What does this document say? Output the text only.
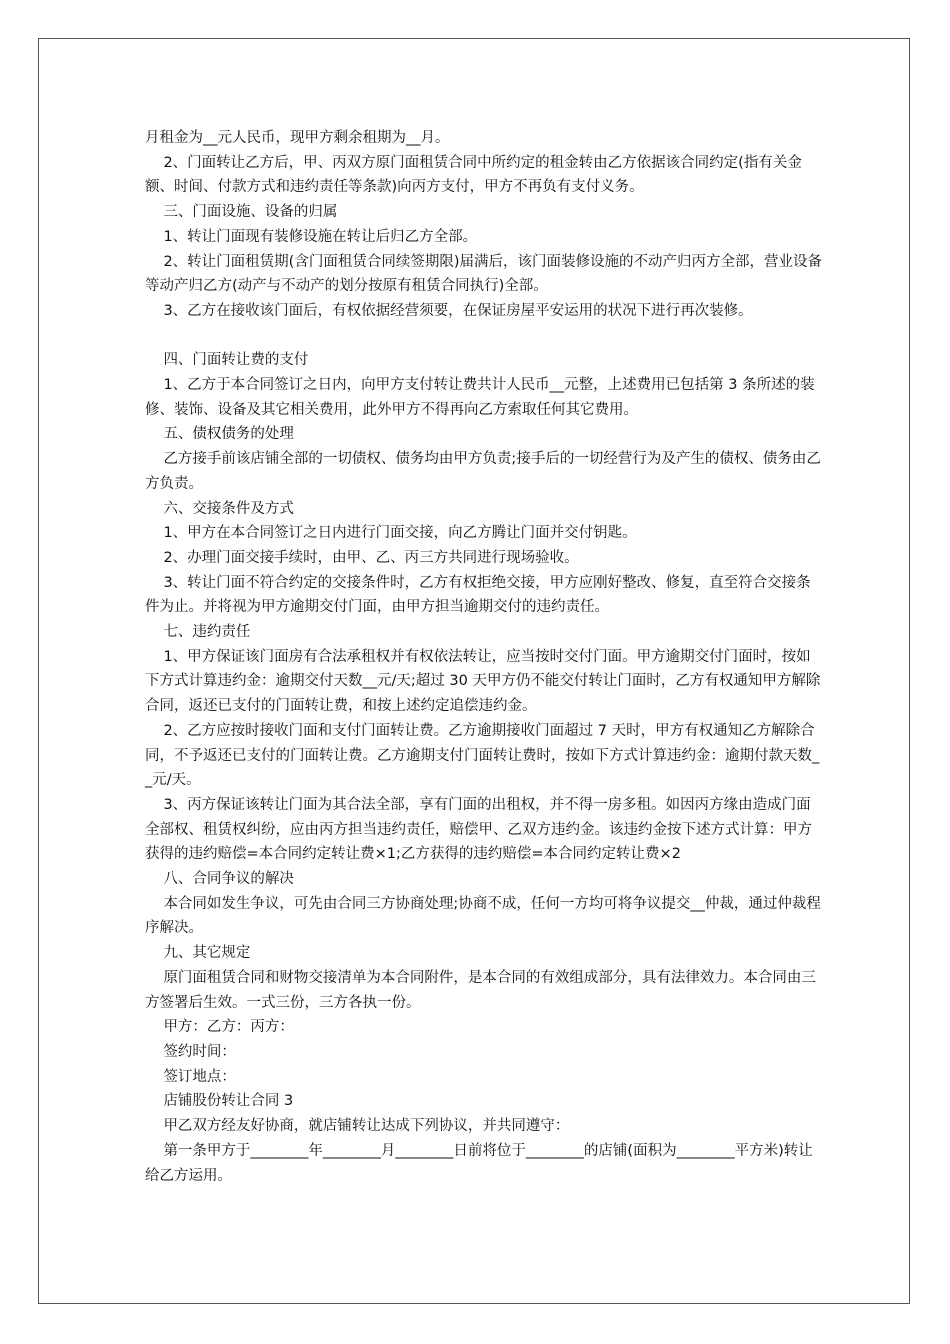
月租金为__元人民币，现甲方剩余租期为__月。

2、门面转让乙方后，甲、丙双方原门面租赁合同中所约定的租金转由乙方依据该合同约定(指有关金额、时间、付款方式和违约责任等条款)向丙方支付，甲方不再负有支付义务。

三、门面设施、设备的归属

1、转让门面现有装修设施在转让后归乙方全部。

2、转让门面租赁期(含门面租赁合同续签期限)届满后，该门面装修设施的不动产归丙方全部，营业设备等动产归乙方(动产与不动产的划分按原有租赁合同执行)全部。

3、乙方在接收该门面后，有权依据经营须要，在保证房屋平安运用的状况下进行再次装修。

四、门面转让费的支付

1、乙方于本合同签订之日内，向甲方支付转让费共计人民币__元整，上述费用已包括第 3 条所述的装修、装饰、设备及其它相关费用，此外甲方不得再向乙方索取任何其它费用。

五、债权债务的处理

乙方接手前该店铺全部的一切债权、债务均由甲方负责;接手后的一切经营行为及产生的债权、债务由乙方负责。

六、交接条件及方式

1、甲方在本合同签订之日内进行门面交接，向乙方腾让门面并交付钥匙。

2、办理门面交接手续时，由甲、乙、丙三方共同进行现场验收。

3、转让门面不符合约定的交接条件时，乙方有权拒绝交接，甲方应刚好整改、修复，直至符合交接条件为止。并将视为甲方逾期交付门面，由甲方担当逾期交付的违约责任。

七、违约责任

1、甲方保证该门面房有合法承租权并有权依法转让，应当按时交付门面。甲方逾期交付门面时，按如下方式计算违约金：逾期交付天数__元/天;超过 30 天甲方仍不能交付转让门面时，乙方有权通知甲方解除合同，返还已支付的门面转让费，和按上述约定追偿违约金。

2、乙方应按时接收门面和支付门面转让费。乙方逾期接收门面超过 7 天时，甲方有权通知乙方解除合同，不予返还已支付的门面转让费。乙方逾期支付门面转让费时，按如下方式计算违约金：逾期付款天数__元/天。

3、丙方保证该转让门面为其合法全部，享有门面的出租权，并不得一房多租。如因丙方缘由造成门面全部权、租赁权纠纷，应由丙方担当违约责任，赔偿甲、乙双方违约金。该违约金按下述方式计算：甲方获得的违约赔偿=本合同约定转让费×1;乙方获得的违约赔偿=本合同约定转让费×2

八、合同争议的解决

本合同如发生争议，可先由合同三方协商处理;协商不成，任何一方均可将争议提交__仲裁，通过仲裁程序解决。

九、其它规定

原门面租赁合同和财物交接清单为本合同附件，是本合同的有效组成部分，具有法律效力。本合同由三方签署后生效。一式三份，三方各执一份。

甲方：乙方：丙方：

签约时间：

签订地点：

店铺股份转让合同 3

甲乙双方经友好协商，就店铺转让达成下列协议，并共同遵守：

第一条甲方于________年________月________日前将位于________的店铺(面积为________平方米)转让给乙方运用。
